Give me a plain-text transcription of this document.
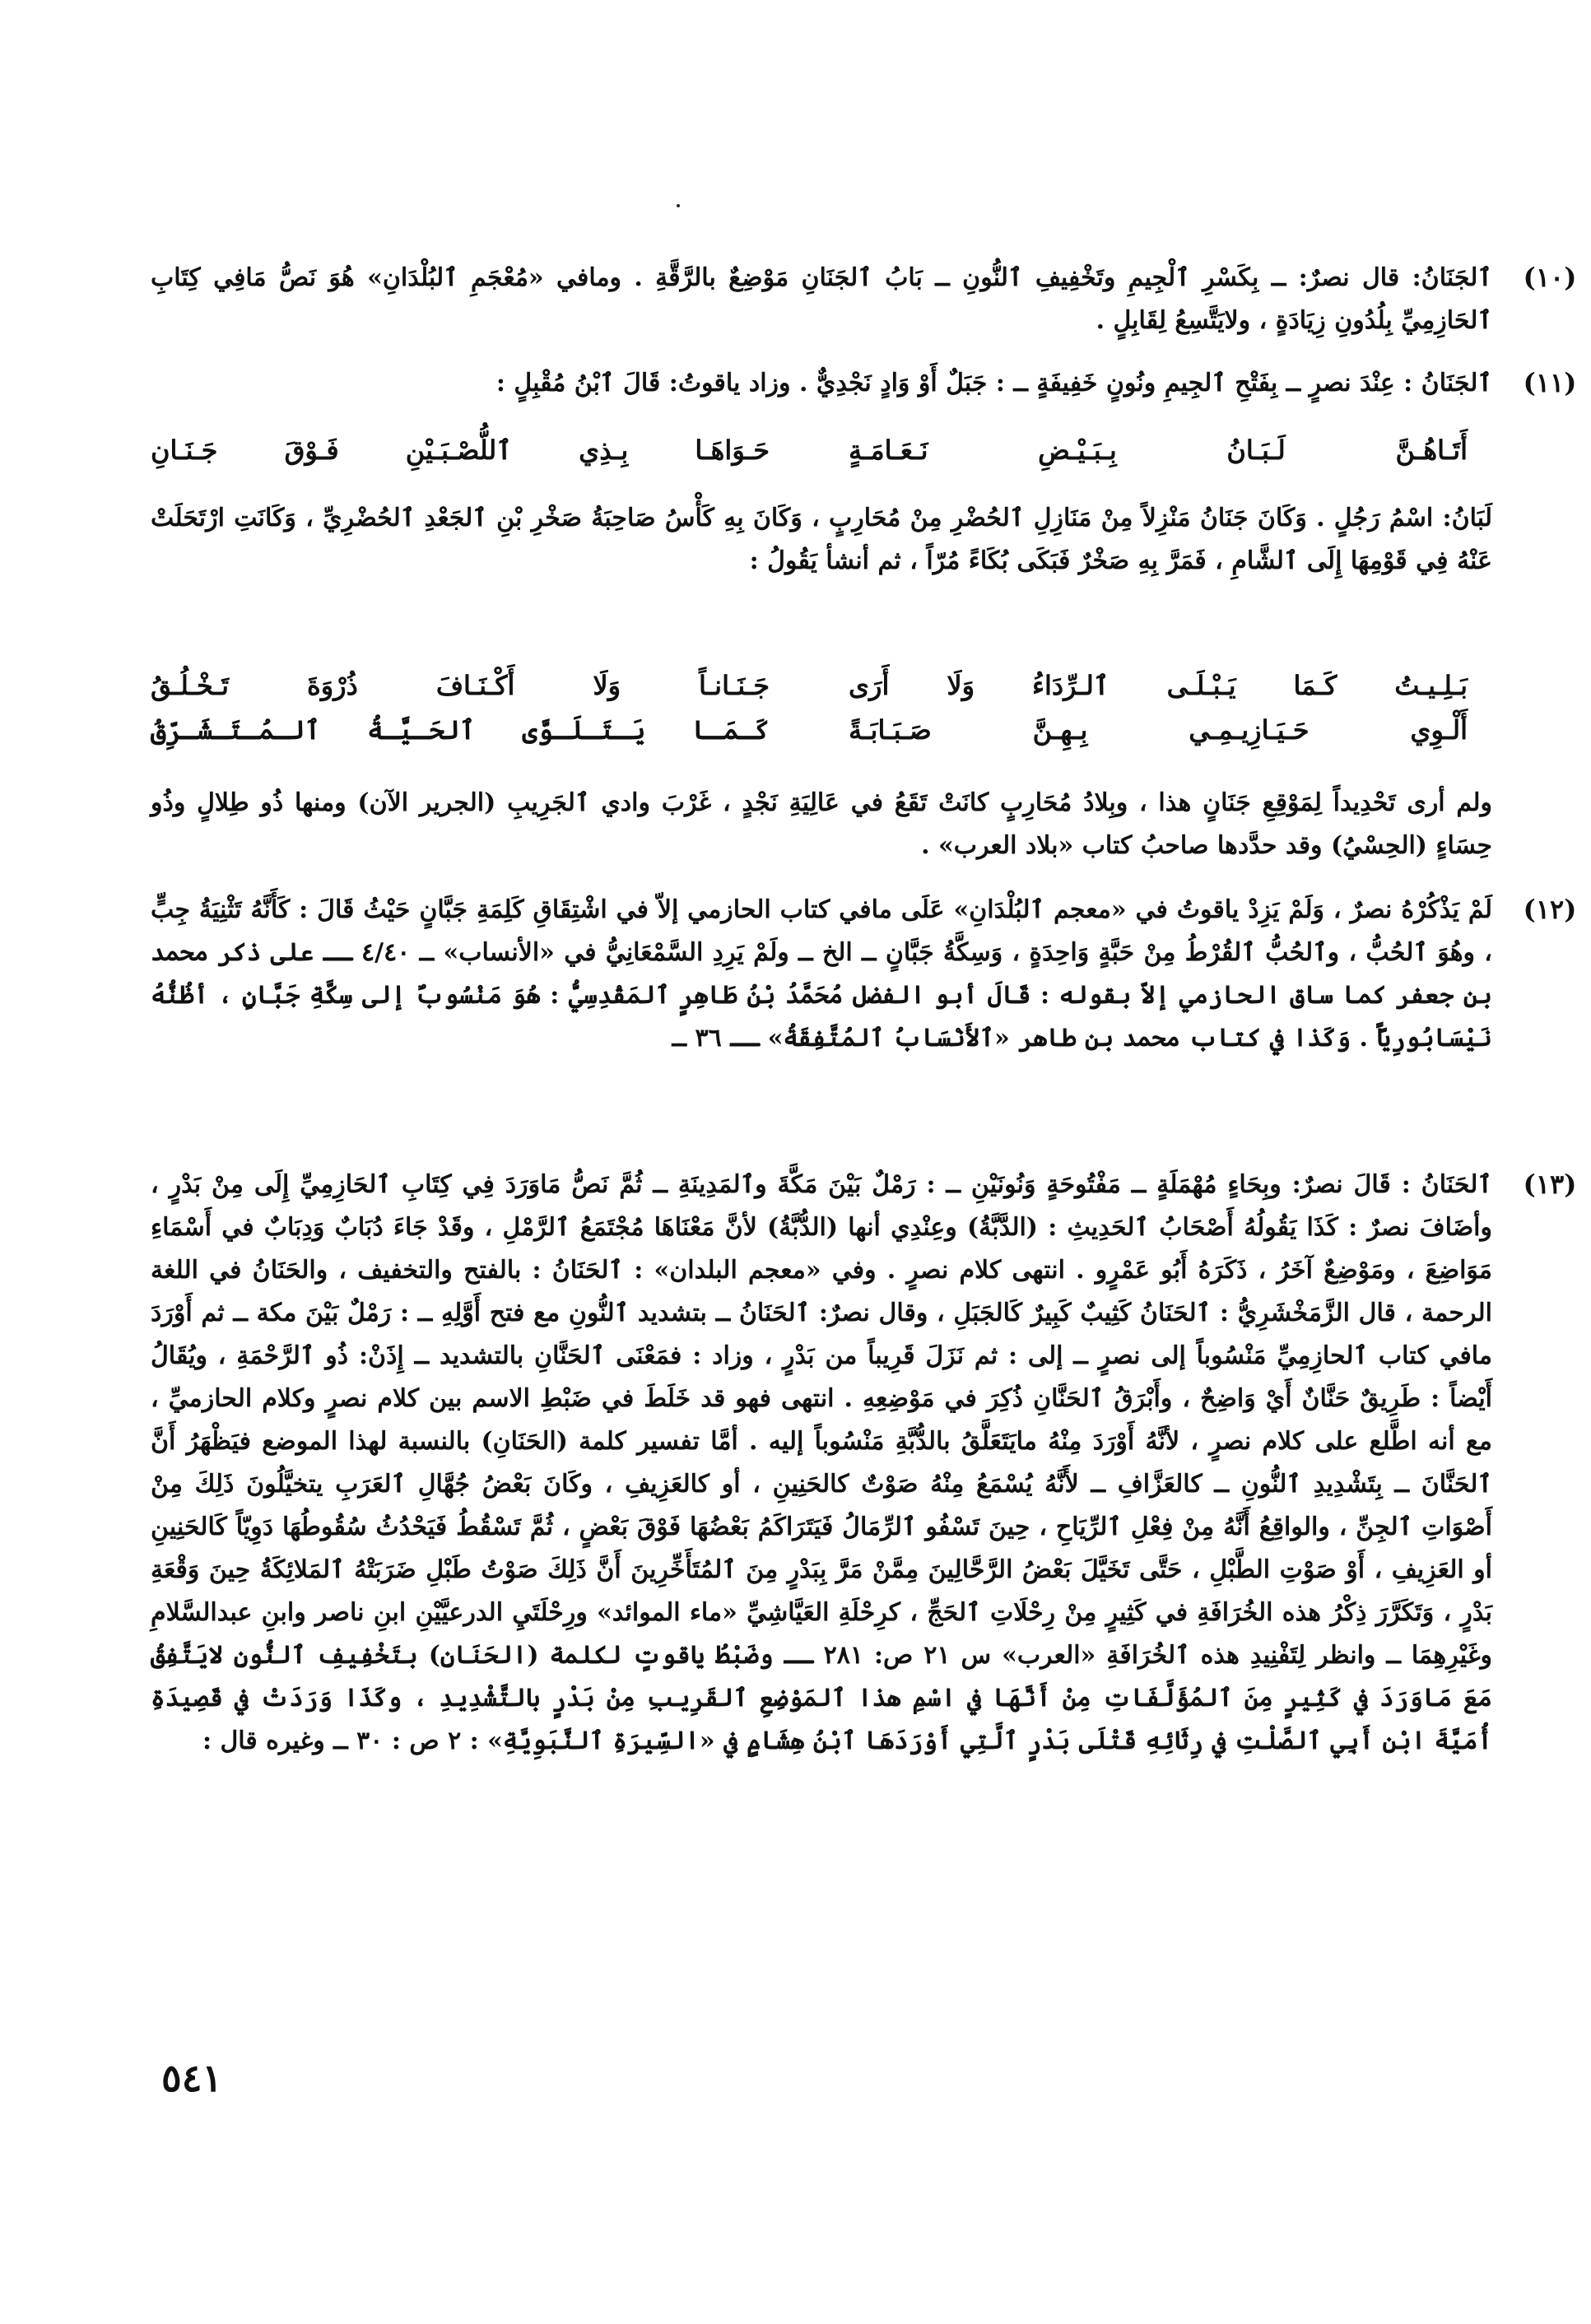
(١٠)
ٱلجَنَانُ: قال نصرٌ: ــ بِكَسْرِ ٱلْجِيمِ وتَخْفِيفِ ٱلنُّونِ ــ بَابُ ٱلجَنَانِ مَوْضِعٌ بالرَّقَّةِ . ومافي «مُعْجَمِ ٱلبُلْدَانِ» هُوَ نَصُّ مَافِي كِتَابِ ٱلحَازِمِيِّ بِلُدُونِ زِيَادَةٍ ، ولايَتَّسِعُ لِقَابِلٍ .
(١١)
ٱلجَنَانُ : عِنْدَ نصرٍ ــ بِفَتْحِ ٱلجِيمِ ونُونٍ خَفِيفَةٍ ــ : جَبَلٌ أَوْ وَادٍ نَجْدِيٌّ . وزاد ياقوتُ: قَالَ ٱبْنُ مُقْبِلٍ :
أَتَـاهُـنَّ لَـبَـانُ بِـبَـيْـضِ نَـعَـامَـةٍ
حَـوَاهَـا بِـذِي ٱللُّصْـبَـيْنِ فَـوْقَ جَـنَـانِ
لَبَانُ: اسْمُ رَجُلٍ . وَكَانَ جَنَانُ مَنْزِلاً مِنْ مَنَازِلِ ٱلحُضْرِ مِنْ مُحَارِبٍ ، وَكَانَ بِهِ كَأْسُ صَاحِبَةُ صَخْرِ بْنِ ٱلجَعْدِ ٱلحُضْرِيِّ ، وَكَانَتِ ارْتَحَلَتْ عَنْهُ فِي قَوْمِهَا إِلَى ٱلشَّامِ ، فَمَرَّ بِهِ صَخْرٌ فَبَكَى بُكَاءً مُرّاً ، ثم أنشأ يَقُولُ :
بَـلِـيـتُ كَـمَا يَـبْـلَـى ٱلـرِّدَاءُ وَلَا أَرَى
جَـنَـانـاً وَلَا أَكْـنَـافَ ذُرْوَةَ تَـخْـلُـقُ
أَلْـوِي حَـيَـازِيـمِـي بِـهِـنَّ صَـبَـابَـةً
كَـمَـا يَـتَـلَـوَّى ٱلحَـيَّـةُ ٱلـمُـتَـشَـرِّقُ
ولم أرى تَحْدِيداً لِمَوْقِعِ جَنَانٍ هذا ، وبِلادُ مُحَارِبٍ كانَتْ تَقَعُ في عَالِيَةِ نَجْدٍ ، غَرْبَ وادي ٱلجَرِيبِ (الجرير الآن) ومنها ذُو طِلالٍ وذُو حِسَاءٍ (الحِسْيُ) وقد حدَّدها صاحبُ كتاب «بلاد العرب» .
(١٢)
لَمْ يَذْكُرْهُ نصرٌ ، وَلَمْ يَزِدْ ياقوتُ في «معجم ٱلبُلْدَانِ» عَلَى مافي كتاب الحازمي إلاّ في اشْتِقَاقِ كَلِمَةِ جَبَّانٍ حَيْثُ قَالَ : كَأَنَّهُ تَثْنِيَةُ جِبٍّ ، وهُوَ ٱلحُبُّ ، وٱلحُبُّ ٱلقُرْطُ مِنْ حَبَّةٍ وَاحِدَةٍ ، وَسِكَّةُ جَبَّانٍ ــ الخ ــ ولَمْ يَرِدِ السَّمْعَانِيُّ في «الأنساب» ــ ٤/٤٠ ــ على ذكر محمد بن جعفر كما ساق الحازمي إلاّ بقوله : قَالَ أبو الفضل مُحَمَّدُ بْنُ طَاهِرٍ ٱلمَقْدِسِيُّ : هُوَ مَنْسُوبٌ إلى سِكَّةِ جَبَّانٍ ، أظُنُّهُ نَيْسَابُورِيّاً . وَكَذا في كتاب محمد بن طاهر «ٱلأَنْسَابُ ٱلمُتَّفِقَةُ» ــ ٣٦ ــ
(١٣)
ٱلحَنَانُ : قَالَ نصرٌ: وبِحَاءٍ مُهْمَلَةٍ ــ مَفْتُوحَةٍ وَنُونَيْنِ ــ : رَمْلٌ بَيْنَ مَكَّةَ وٱلمَدِينَةِ ــ ثُمَّ نَصُّ مَاوَرَدَ فِي كِتَابِ ٱلحَازِمِيِّ إِلَى مِنْ بَدْرٍ ، وأضَافَ نصرٌ : كَذَا يَقُولُهُ أَصْحَابُ ٱلحَدِيثِ : (الدَّبَّةُ) وعِنْدِي أنها (الدُّبَّةُ) لأنَّ مَعْنَاهَا مُجْتَمَعُ ٱلرَّمْلِ ، وقَدْ جَاءَ دُبَابٌ وَدِبَابٌ في أَسْمَاءِ مَوَاضِعَ ، ومَوْضِعٌ آخَرُ ، ذَكَرَهُ أَبُو عَمْرٍو . انتهى كلام نصرٍ . وفي «معجم البلدان» : ٱلحَنَانُ : بالفتح والتخفيف ، والحَنَانُ في اللغة الرحمة ، قال الزَّمَخْشَرِيُّ : ٱلحَنَانُ كَثِيبٌ كَبِيرٌ كَالجَبَلِ ، وقال نصرٌ: ٱلحَنَانُ ــ بتشديد ٱلنُّونِ مع فتح أَوَّلِهِ ــ : رَمْلٌ بَيْنَ مكة ــ ثم أَوْرَدَ مافي كتاب ٱلحازِمِيِّ مَنْسُوباً إلى نصرٍ ــ إلى : ثم نَزَلَ قَرِيباً من بَدْرٍ ، وزاد : فمَعْنَى ٱلحَنَّانِ بالتشديد ــ إِذَنْ: ذُو ٱلرَّحْمَةِ ، ويُقَالُ أَيْضاً : طَرِيقٌ حَنَّانٌ أَيْ وَاضِحٌ ، وأَبْرَقُ ٱلحَنَّانِ ذُكِرَ في مَوْضِعِهِ . انتهى فهو قد خَلَطَ في ضَبْطِ الاسم بين كلام نصرٍ وكلام الحازميِّ ، مع أنه اطَّلع على كلام نصرٍ ، لأنَّهُ أَوْرَدَ مِنْهُ مايَتَعَلَّقُ بالدُّبَّةِ مَنْسُوباً إليه . أمَّا تفسير كلمة (الحَنَانِ) بالنسبة لهذا الموضع فيَظْهَرُ أَنَّ ٱلحَنَّانَ ــ بِتَشْدِيدِ ٱلنُّونِ ــ كالعَزَّافِ ــ لأَنَّهُ يُسْمَعُ مِنْهُ صَوْتٌ كالحَنِينِ ، أو كالعَزِيفِ ، وكَانَ بَعْضُ جُهَّالِ ٱلعَرَبِ يتخيَّلُونَ ذَلِكَ مِنْ أَصْوَاتِ ٱلجِنِّ ، والواقِعُ أَنَّهُ مِنْ فِعْلِ ٱلرِّيَاحِ ، حِينَ تَسْفُو ٱلرِّمَالُ فَيَتَرَاكَمُ بَعْضُهَا فَوْقَ بَعْضٍ ، ثُمَّ تَسْقُطُ فَيَحْدُثُ سُقُوطُهَا دَوِيّاً كَالحَنِينِ أو العَزِيفِ ، أَوْ صَوْتِ الطَّبْلِ ، حَتَّى تَخَيَّلَ بَعْضُ الرَّحَّالِينَ مِمَّنْ مَرَّ بِبَدْرٍ مِنَ ٱلمُتَأَخِّرِينَ أَنَّ ذَلِكَ صَوْتُ طَبْلِ ضَرَبَتْهُ ٱلمَلائِكَةُ حِينَ وَقْعَةِ بَدْرٍ ، وَتَكَرَّرَ ذِكْرُ هذه الخُرَافَةِ في كَثِيرٍ مِنْ رِحْلَاتِ ٱلحَجِّ ، كرِحْلَةِ العَيَّاشِيِّ «ماء الموائد» ورِحْلَتَيِ الدرعيَّيْنِ ابنِ ناصر وابنِ عبدالسَّلامِ وغَيْرِهِمَا ــ وانظر لِتَفْنِيدِ هذه ٱلخُرَافَةِ «العرب» س ٢١ ص: ٢٨١ ــ وضَبْطُ ياقوتٍ لكلمة (الحَنَانِ) بتَخْفِيفِ ٱلنُّونِ لايَتَّفِقُ مَعَ مَاوَرَدَ في كَثِيرٍ مِنَ ٱلمُؤَلَّفَاتِ مِنْ أَنَّهَا في اسْمِ هذا ٱلمَوْضِعِ ٱلقَرِيبِ مِنْ بَدْرٍ بالتَّشْدِيدِ ، وكَذَا وَرَدَتْ في قَصِيدَةِ أُمَيَّةَ ابْنِ أَبِي ٱلصَّلْتِ في رِثَائِهِ قَتْلَى بَدْرٍ ٱلَّتِي أَوْرَدَهَا ٱبْنُ هِشَامٍ في «السِّيرَةِ ٱلنَّبَوِيَّةِ» : ٢ ص : ٣٠ ــ وغيره قال :
٥٤١
